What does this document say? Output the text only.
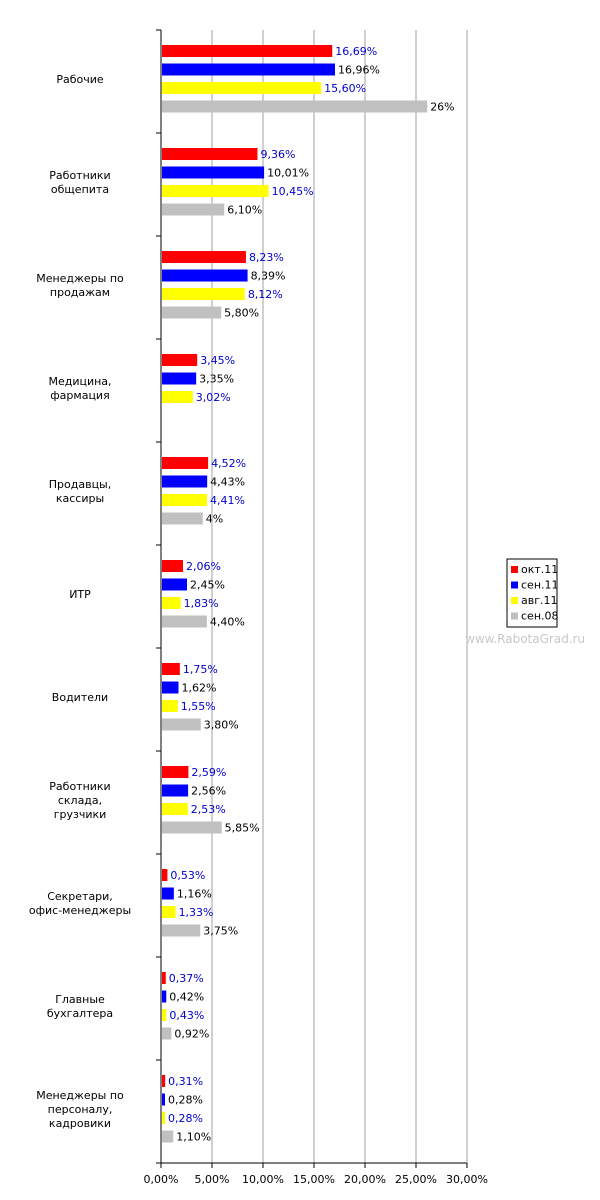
16,69%
16,96%
15,60%
26%
9,36%
10,01%
10,45%
6,10%
8,23%
8,39%
8,12%
5,80%
3,45%
3,35%
3,02%
4,52%
4,43%
4,41%
4%
2,06%
2,45%
1,83%
4,40%
1,75%
1,62%
1,55%
3,80%
2,59%
2,56%
2,53%
5,85%
0,53%
1,16%
1,33%
3,75%
0,37%
0,42%
0,43%
0,92%
0,31%
0,28%
0,28%
1,10%
Рабочие
Работники общепита
Менеджеры по продажам
Медицина, фармация
Продавцы, кассиры
ИТР
Водители
Работники склада, грузчики
Секретари, офис-менеджеры
Главные бухгалтера
Менеджеры по персоналу, кадровики
0,00% 5,00% 10,00% 15,00% 20,00% 25,00% 30,00%
окт.11
сен.11
авг.11
сен.08
www.RabotaGrad.ru
